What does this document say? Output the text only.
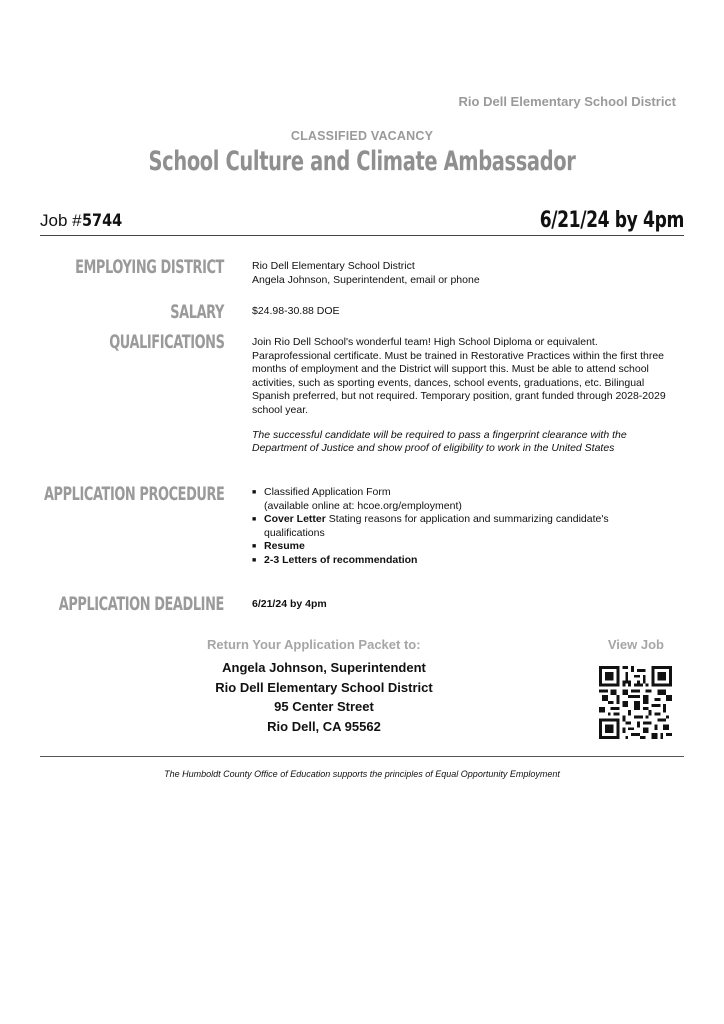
Rio Dell Elementary School District
CLASSIFIED VACANCY
School Culture and Climate Ambassador
Job #5744	6/21/24 by 4pm
EMPLOYING DISTRICT	Rio Dell Elementary School District

Angela Johnson, Superintendent, email or phone

SALARY	$24.98-30.88 DOE
QUALIFICATIONS	Join Rio Dell School's wonderful team! High School Diploma or equivalent. Paraprofessional certificate. Must be trained in Restorative Practices within the first three months of employment and the District will support this. Must be able to attend school activities, such as sporting events, dances, school events, graduations, etc. Bilingual Spanish preferred, but not required. Temporary position, grant funded through 2028-2029 school year.

The successful candidate will be required to pass a fingerprint clearance with the Department of Justice and show proof of eligibility to work in the United States

APPLICATION PROCEDURE
■	Classified Application Form
(available online at: hcoe.org/employment)
■ Cover Letter Stating reasons for application and summarizing candidate's qualifications
■ Resume
■ 2-3 Letters of recommendation
APPLICATION DEADLINE	6/21/24 by 4pm
Return Your Application Packet to:	View Job
Angela Johnson, Superintendent
Rio Dell Elementary School District
95 Center Street
Rio Dell, CA 95562
The Humboldt County Office of Education supports the principles of Equal Opportunity Employment
